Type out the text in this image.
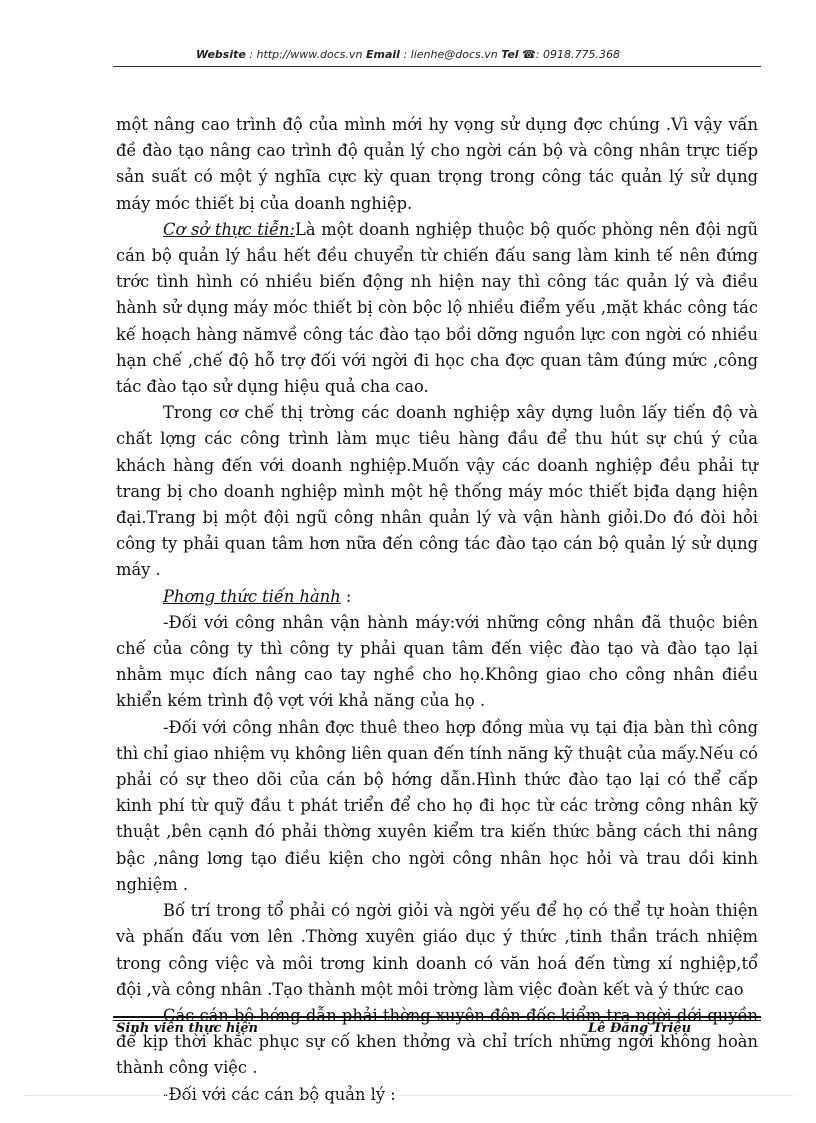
Website : http://www.docs.vn Email : lienhe@docs.vn Tel ☎: 0918.775.368

một nâng cao trình độ của mình mới hy vọng sử dụng đợc chúng .Vì vậy vấn đề đào tạo nâng cao trình độ quản lý cho ngời cán bộ và công nhân trực tiếp sản suất có một ý nghĩa cực kỳ quan trọng trong công tác quản lý sử dụng máy móc thiết bị của doanh nghiệp.

Cơ sở thực tiễn:Là một doanh nghiệp thuộc bộ quốc phòng nên đội ngũ cán bộ quản lý hầu hết đều chuyển từ chiến đấu sang làm kinh tế nên đứng trớc tình hình có nhiều biến động nh hiện nay thì công tác quản lý và điều hành sử dụng máy móc thiết bị còn bộc lộ nhiều điểm yếu ,mặt khác công tác kế hoạch hàng nămvề công tác đào tạo bồi dỡng nguồn lực con ngời có nhiều hạn chế ,chế độ hỗ trợ đối với ngời đi học cha đợc quan tâm đúng mức ,công tác đào tạo sử dụng hiệu quả cha cao.

Trong cơ chế thị trờng các doanh nghiệp xây dựng luôn lấy tiến độ và chất lợng các công trình làm mục tiêu hàng đầu để thu hút sự chú ý của khách hàng đến với doanh nghiệp.Muốn vậy các doanh nghiệp đều phải tự trang bị cho doanh nghiệp mình một hệ thống máy móc thiết bịđa dạng hiện đại.Trang bị một đội ngũ công nhân quản lý và vận hành giỏi.Do đó đòi hỏi công ty phải quan tâm hơn nữa đến công tác đào tạo cán bộ quản lý sử dụng máy .

Phơng thức tiến hành :

-Đối với công nhân vận hành máy:với những công nhân đã thuộc biên chế của công ty thì công ty phải quan tâm đến việc đào tạo và đào tạo lại nhằm mục đích nâng cao tay nghề cho họ.Không giao cho công nhân điều khiển kém trình độ vợt với khả năng của họ .

-Đối với công nhân đợc thuê theo hợp đồng mùa vụ tại địa bàn thì công thì chỉ giao nhiệm vụ không liên quan đến tính năng kỹ thuật của mấy.Nếu có phải có sự theo dõi của cán bộ hớng dẫn.Hình thức đào tạo lại có thể cấp kinh phí từ quỹ đầu t phát triển để cho họ đi học từ các trờng công nhân kỹ thuật ,bên cạnh đó phải thờng xuyên kiểm tra kiến thức bằng cách thi nâng bậc ,nâng lơng tạo điều kiện cho ngời công nhân học hỏi và trau dồi kinh nghiệm .

Bố trí trong tổ phải có ngời giỏi và ngời yếu để họ có thể tự hoàn thiện và phấn đấu vơn lên .Thờng xuyên giáo dục ý thức ,tinh thần trách nhiệm trong công việc và môi trơng kinh doanh có văn hoá đến từng xí nghiệp,tổ đội ,và công nhân .Tạo thành một môi trờng làm việc đoàn kết và ý thức cao

Các cán bộ hớng dẫn phải thờng xuyên đôn đốc kiểm tra ngời dới quyền để kịp thời khắc phục sự cố khen thởng và chỉ trích những ngời không hoàn thành công việc .

-Đối với các cán bộ quản lý :

Sinh viên thực hiện	Lê Đăng Triệu
